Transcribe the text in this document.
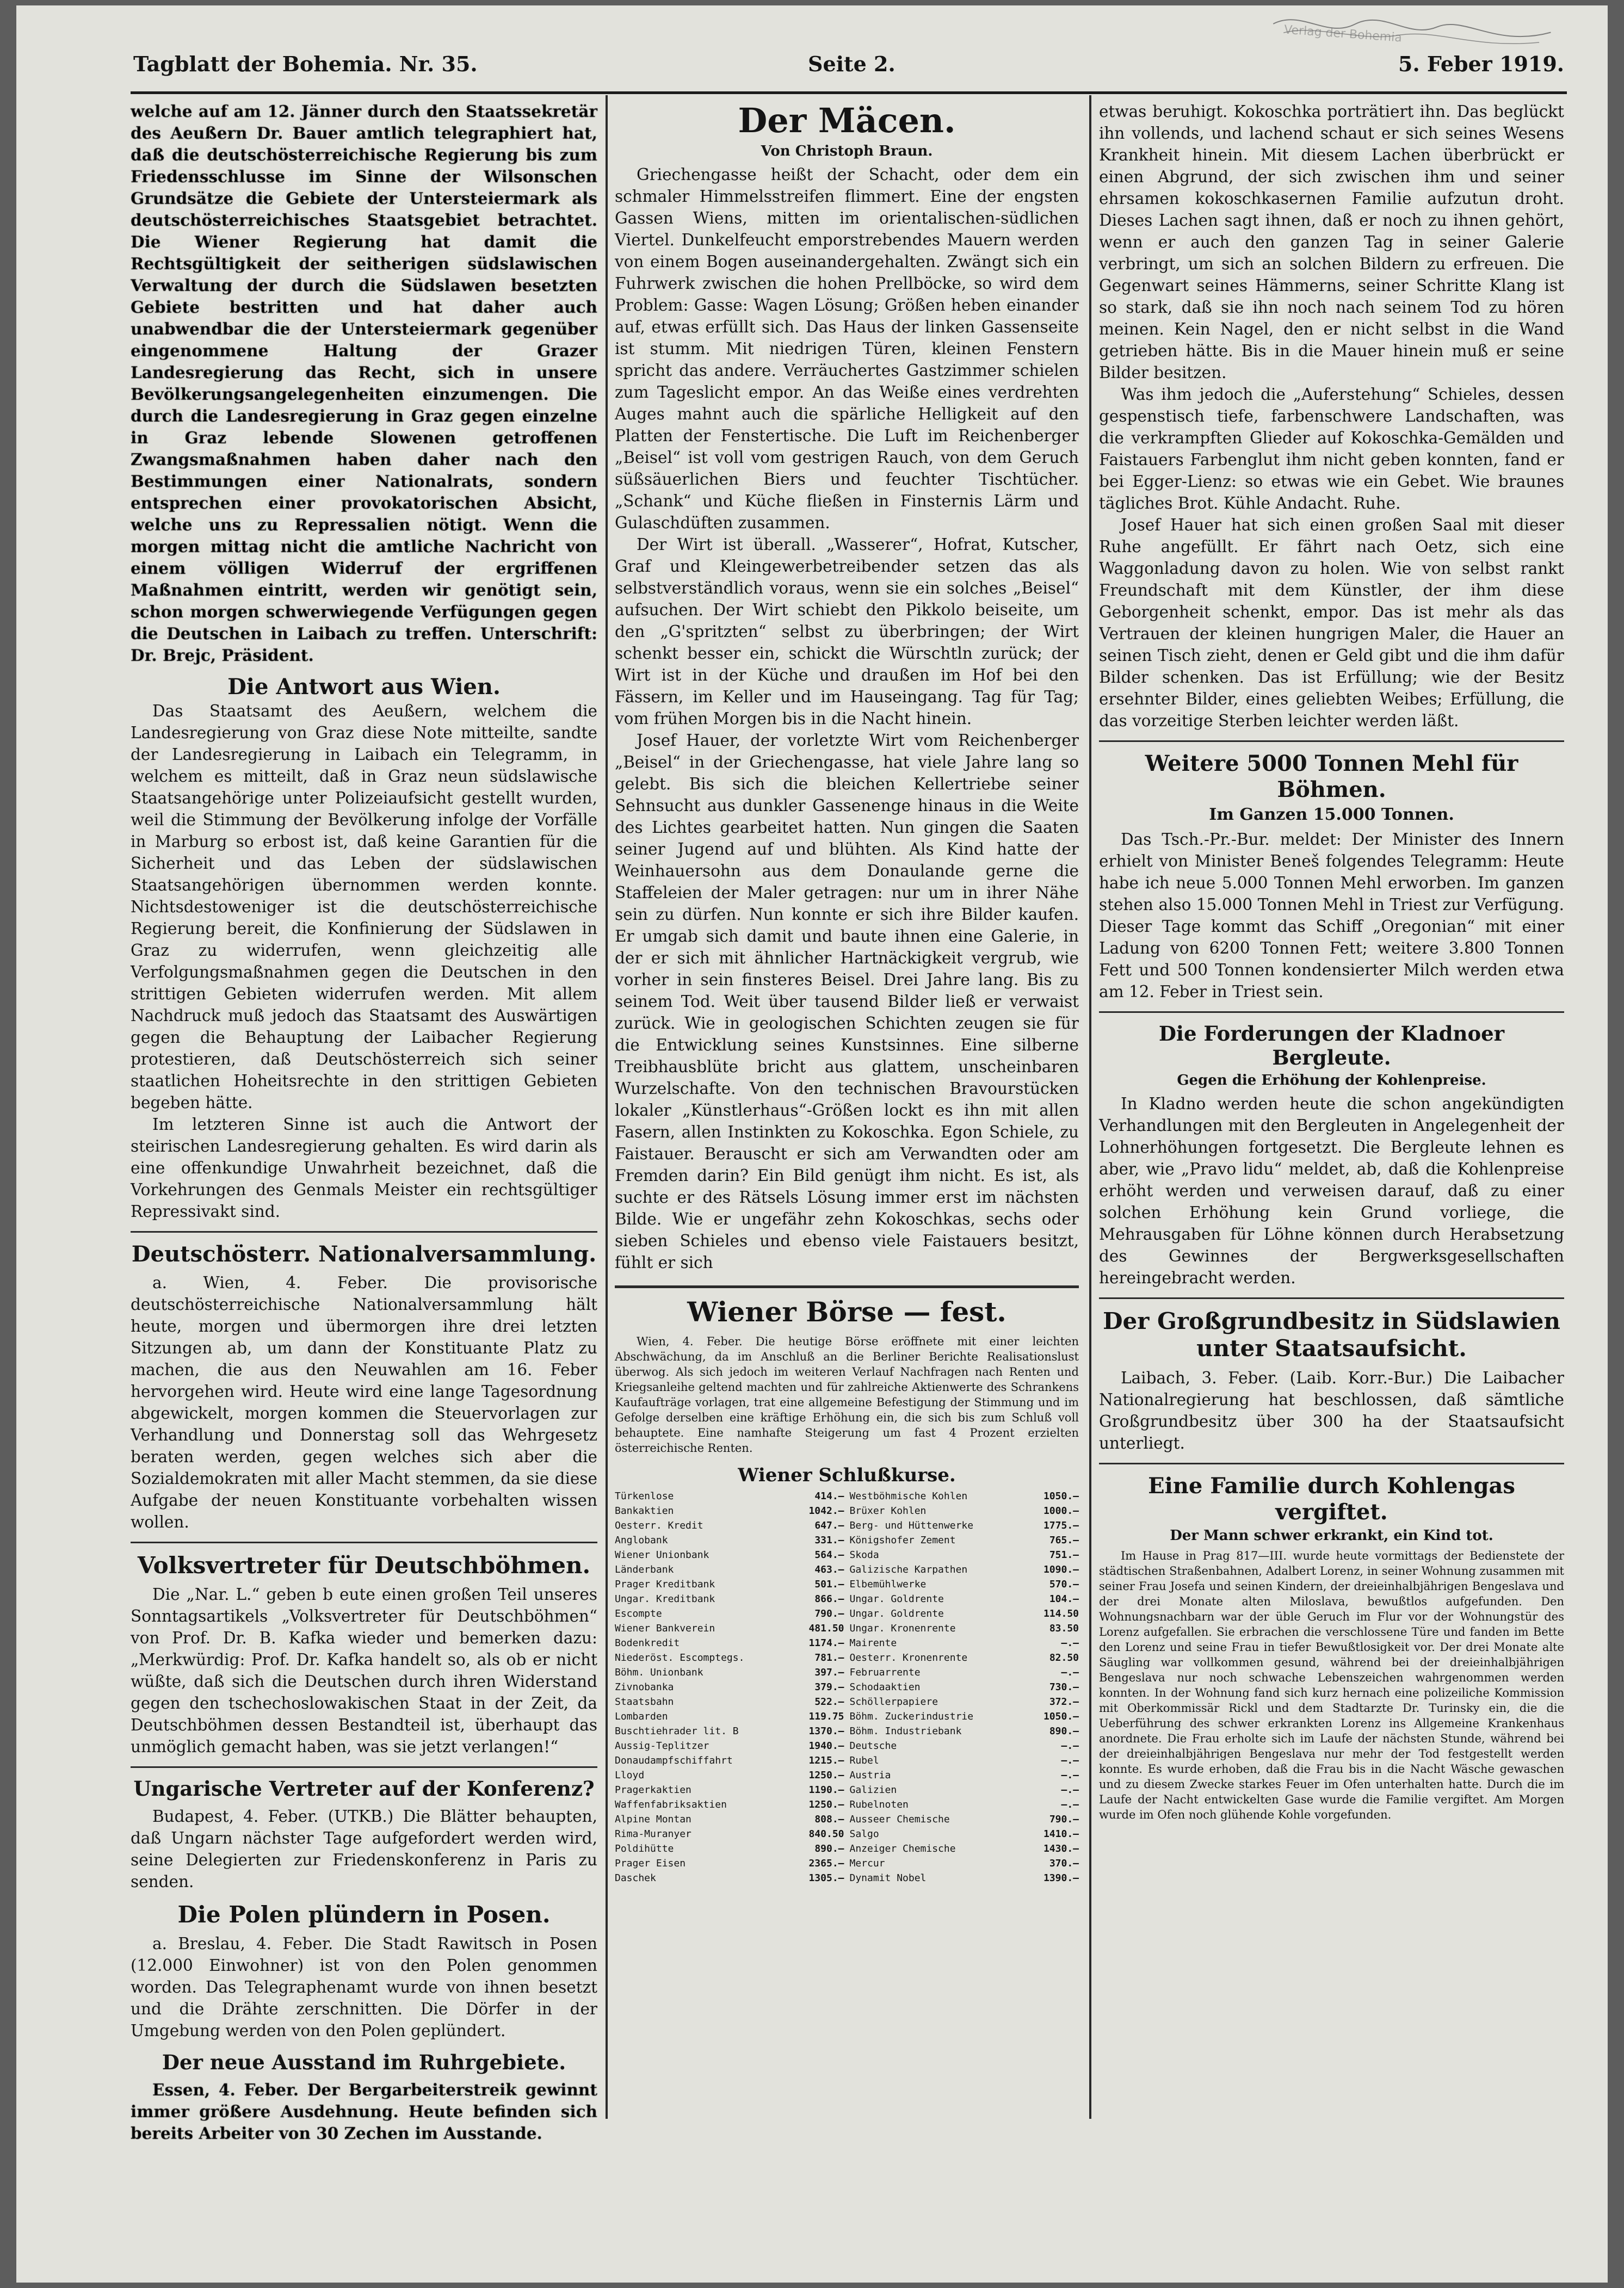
Tagblatt der Bohemia. Nr. 35.	Seite 2.	5. Feber 1919.

welche auf am 12. Jänner durch den Staatssekretär des Aeußern Dr. Bauer amtlich telegraphiert hat, daß die deutschösterreichische Regierung bis zum Friedensschlusse im Sinne der Wilsonschen Grundsätze die Gebiete der Untersteiermark als deutschösterreichisches Staatsgebiet betrachtet. Die Wiener Regierung hat damit die Rechtsgültigkeit der seitherigen südslawischen Verwaltung der durch die Südslawen besetzten Gebiete bestritten und hat daher auch unabwendbar die der Untersteiermark gegenüber eingenommene Haltung der Grazer Landesregierung das Recht, sich in unsere Bevölkerungsangelegenheiten einzumengen. Die durch die Landesregierung in Graz gegen einzelne in Graz lebende Slowenen getroffenen Zwangsmaßnahmen haben daher nach den Bestimmungen einer Nationalrats, sondern entsprechen einer provokatorischen Absicht, welche uns zu Repressalien nötigt. Wenn die morgen mittag nicht die amtliche Nachricht von einem völligen Widerruf der ergriffenen Maßnahmen eintritt, werden wir genötigt sein, schon morgen schwerwiegende Verfügungen gegen die Deutschen in Laibach zu treffen. Unterschrift: Dr. Brejc, Präsident.

Die Antwort aus Wien.

Das Staatsamt des Aeußern, welchem die Landesregierung von Graz diese Note mitteilte, sandte der Landesregierung in Laibach ein Telegramm, in welchem es mitteilt, daß in Graz neun südslawische Staatsangehörige unter Polizeiaufsicht gestellt wurden, weil die Stimmung der Bevölkerung infolge der Vorfälle in Marburg so erbost ist, daß keine Garantien für die Sicherheit und das Leben der südslawischen Staatsangehörigen übernommen werden konnte. Nichtsdestoweniger ist die deutschösterreichische Regierung bereit, die Konfinierung der Südslawen in Graz zu widerrufen, wenn gleichzeitig alle Verfolgungsmaßnahmen gegen die Deutschen in den strittigen Gebieten widerrufen werden. Mit allem Nachdruck muß jedoch das Staatsamt des Auswärtigen gegen die Behauptung der Laibacher Regierung protestieren, daß Deutschösterreich sich seiner staatlichen Hoheitsrechte in den strittigen Gebieten begeben hätte.

Im letzteren Sinne ist auch die Antwort der steirischen Landesregierung gehalten. Es wird darin als eine offenkundige Unwahrheit bezeichnet, daß die Vorkehrungen des Genmals Meister ein rechtsgültiger Repressivakt sind.

Deutschösterr. Nationalversammlung.

a. Wien, 4. Feber. Die provisorische deutschösterreichische Nationalversammlung hält heute, morgen und übermorgen ihre drei letzten Sitzungen ab, um dann der Konstituante Platz zu machen, die aus den Neuwahlen am 16. Feber hervorgehen wird. Heute wird eine lange Tagesordnung abgewickelt, morgen kommen die Steuervorlagen zur Verhandlung und Donnerstag soll das Wehrgesetz beraten werden, gegen welches sich aber die Sozialdemokraten mit aller Macht stemmen, da sie diese Aufgabe der neuen Konstituante vorbehalten wissen wollen.

Volksvertreter für Deutschböhmen.

Die „Nar. L.“ geben b eute einen großen Teil unseres Sonntagsartikels „Volksvertreter für Deutschböhmen“ von Prof. Dr. B. Kafka wieder und bemerken dazu: „Merkwürdig: Prof. Dr. Kafka handelt so, als ob er nicht wüßte, daß sich die Deutschen durch ihren Widerstand gegen den tschechoslowakischen Staat in der Zeit, da Deutschböhmen dessen Bestandteil ist, überhaupt das unmöglich gemacht haben, was sie jetzt verlangen!“

Ungarische Vertreter auf der Konferenz?

Budapest, 4. Feber. (UTKB.) Die Blätter behaupten, daß Ungarn nächster Tage aufgefordert werden wird, seine Delegierten zur Friedenskonferenz in Paris zu senden.

Die Polen plündern in Posen.

a. Breslau, 4. Feber. Die Stadt Rawitsch in Posen (12.000 Einwohner) ist von den Polen genommen worden. Das Telegraphenamt wurde von ihnen besetzt und die Drähte zerschnitten. Die Dörfer in der Umgebung werden von den Polen geplündert.

Der neue Ausstand im Ruhrgebiete.

Essen, 4. Feber. Der Bergarbeiterstreik gewinnt immer größere Ausdehnung. Heute befinden sich bereits Arbeiter von 30 Zechen im Ausstande.

Der Mäcen.

Von Christoph Braun.

Griechengasse heißt der Schacht, oder dem ein schmaler Himmelsstreifen flimmert. Eine der engsten Gassen Wiens, mitten im orientalischen-südlichen Viertel. Dunkelfeucht emporstrebendes Mauern werden von einem Bogen auseinandergehalten. Zwängt sich ein Fuhrwerk zwischen die hohen Prellböcke, so wird dem Problem: Gasse: Wagen Lösung; Größen heben einander auf, etwas erfüllt sich. Das Haus der linken Gassenseite ist stumm. Mit niedrigen Türen, kleinen Fenstern spricht das andere. Verräuchertes Gastzimmer schielen zum Tageslicht empor. An das Weiße eines verdrehten Auges mahnt auch die spärliche Helligkeit auf den Platten der Fenstertische. Die Luft im Reichenberger „Beisel“ ist voll vom gestrigen Rauch, von dem Geruch süßsäuerlichen Biers und feuchter Tischtücher. „Schank“ und Küche fließen in Finsternis Lärm und Gulaschdüften zusammen.

Der Wirt ist überall. „Wasserer“, Hofrat, Kutscher, Graf und Kleingewerbetreibender setzen das als selbstverständlich voraus, wenn sie ein solches „Beisel“ aufsuchen. Der Wirt schiebt den Pikkolo beiseite, um den „G'spritzten“ selbst zu überbringen; der Wirt schenkt besser ein, schickt die Würschtln zurück; der Wirt ist in der Küche und draußen im Hof bei den Fässern, im Keller und im Hauseingang. Tag für Tag; vom frühen Morgen bis in die Nacht hinein.

Josef Hauer, der vorletzte Wirt vom Reichenberger „Beisel“ in der Griechengasse, hat viele Jahre lang so gelebt. Bis sich die bleichen Kellertriebe seiner Sehnsucht aus dunkler Gassenenge hinaus in die Weite des Lichtes gearbeitet hatten. Nun gingen die Saaten seiner Jugend auf und blühten. Als Kind hatte der Weinhauersohn aus dem Donaulande gerne die Staffeleien der Maler getragen: nur um in ihrer Nähe sein zu dürfen. Nun konnte er sich ihre Bilder kaufen. Er umgab sich damit und baute ihnen eine Galerie, in der er sich mit ähnlicher Hartnäckigkeit vergrub, wie vorher in sein finsteres Beisel. Drei Jahre lang. Bis zu seinem Tod. Weit über tausend Bilder ließ er verwaist zurück. Wie in geologischen Schichten zeugen sie für die Entwicklung seines Kunstsinnes. Eine silberne Treibhausblüte bricht aus glattem, unscheinbaren Wurzelschafte. Von den technischen Bravourstücken lokaler „Künstlerhaus“-Größen lockt es ihn mit allen Fasern, allen Instinkten zu Kokoschka. Egon Schiele, zu Faistauer. Berauscht er sich am Verwandten oder am Fremden darin? Ein Bild genügt ihm nicht. Es ist, als suchte er des Rätsels Lösung immer erst im nächsten Bilde. Wie er ungefähr zehn Kokoschkas, sechs oder sieben Schieles und ebenso viele Faistauers besitzt, fühlt er sich

Wiener Börse — fest.

Wien, 4. Feber. Die heutige Börse eröffnete mit einer leichten Abschwächung, da im Anschluß an die Berliner Berichte Realisationslust überwog. Als sich jedoch im weiteren Verlauf Nachfragen nach Renten und Kriegsanleihe geltend machten und für zahlreiche Aktienwerte des Schrankens Kaufaufträge vorlagen, trat eine allgemeine Befestigung der Stimmung und im Gefolge derselben eine kräftige Erhöhung ein, die sich bis zum Schluß voll behauptete. Eine namhafte Steigerung um fast 4 Prozent erzielten österreichische Renten.

Wiener Schlußkurse.

Türkenlose	414.—
Bankaktien	1042.—
Oesterr. Kredit	647.—
Anglobank	331.—
Wiener Unionbank	564.—
Länderbank	463.—
Prager Kreditbank	501.—
Ungar. Kreditbank	866.—
Escompte	790.—
Wiener Bankverein	481.50
Bodenkredit	1174.—
Niederöst. Escomptegs.	781.—
Böhm. Unionbank	397.—
Zivnobanka	379.—
Staatsbahn	522.—
Lombarden	119.75
Buschtiehrader lit. B	1370.—
Aussig-Teplitzer	1940.—
Donaudampfschiffahrt	1215.—
Lloyd	1250.—
Pragerkaktien	1190.—
Waffenfabriksaktien	1250.—
Alpine Montan	808.—
Rima-Muranyer	840.50
Poldihütte	890.—
Prager Eisen	2365.—
Daschek	1305.—
Westböhmische Kohlen	1050.—
Brüxer Kohlen	1000.—
Berg- und Hüttenwerke	1775.—
Königshofer Zement	765.—
Skoda	751.—
Galizische Karpathen	1090.—
Elbemühlwerke	570.—
Ungar. Goldrente	104.—
Ungar. Goldrente	114.50
Ungar. Kronenrente	83.50
Mairente	—.—
Oesterr. Kronenrente	82.50
Februarrente	—.—
Schodaaktien	730.—
Schöllerpapiere	372.—
Böhm. Zuckerindustrie	1050.—
Böhm. Industriebank	890.—
Deutsche	—.—
Rubel	—.—
Austria	—.—
Galizien	—.—
Rubelnoten	—.—
Ausseer Chemische	790.—
Salgo	1410.—
Anzeiger Chemische	1430.—
Mercur	370.—
Dynamit Nobel	1390.—

etwas beruhigt. Kokoschka porträtiert ihn. Das beglückt ihn vollends, und lachend schaut er sich seines Wesens Krankheit hinein. Mit diesem Lachen überbrückt er einen Abgrund, der sich zwischen ihm und seiner ehrsamen kokoschkasernen Familie aufzutun droht. Dieses Lachen sagt ihnen, daß er noch zu ihnen gehört, wenn er auch den ganzen Tag in seiner Galerie verbringt, um sich an solchen Bildern zu erfreuen. Die Gegenwart seines Hämmerns, seiner Schritte Klang ist so stark, daß sie ihn noch nach seinem Tod zu hören meinen. Kein Nagel, den er nicht selbst in die Wand getrieben hätte. Bis in die Mauer hinein muß er seine Bilder besitzen.

Was ihm jedoch die „Auferstehung“ Schieles, dessen gespenstisch tiefe, farbenschwere Landschaften, was die verkrampften Glieder auf Kokoschka-Gemälden und Faistauers Farbenglut ihm nicht geben konnten, fand er bei Egger-Lienz: so etwas wie ein Gebet. Wie braunes tägliches Brot. Kühle Andacht. Ruhe.

Josef Hauer hat sich einen großen Saal mit dieser Ruhe angefüllt. Er fährt nach Oetz, sich eine Waggonladung davon zu holen. Wie von selbst rankt Freundschaft mit dem Künstler, der ihm diese Geborgenheit schenkt, empor. Das ist mehr als das Vertrauen der kleinen hungrigen Maler, die Hauer an seinen Tisch zieht, denen er Geld gibt und die ihm dafür Bilder schenken. Das ist Erfüllung; wie der Besitz ersehnter Bilder, eines geliebten Weibes; Erfüllung, die das vorzeitige Sterben leichter werden läßt.

Weitere 5000 Tonnen Mehl für Böhmen.

Im Ganzen 15.000 Tonnen.

Das Tsch.-Pr.-Bur. meldet: Der Minister des Innern erhielt von Minister Beneš folgendes Telegramm: Heute habe ich neue 5.000 Tonnen Mehl erworben. Im ganzen stehen also 15.000 Tonnen Mehl in Triest zur Verfügung. Dieser Tage kommt das Schiff „Oregonian“ mit einer Ladung von 6200 Tonnen Fett; weitere 3.800 Tonnen Fett und 500 Tonnen kondensierter Milch werden etwa am 12. Feber in Triest sein.

Die Forderungen der Kladnoer Bergleute.

Gegen die Erhöhung der Kohlenpreise.

In Kladno werden heute die schon angekündigten Verhandlungen mit den Bergleuten in Angelegenheit der Lohnerhöhungen fortgesetzt. Die Bergleute lehnen es aber, wie „Pravo lidu“ meldet, ab, daß die Kohlenpreise erhöht werden und verweisen darauf, daß zu einer solchen Erhöhung kein Grund vorliege, die Mehrausgaben für Löhne können durch Herabsetzung des Gewinnes der Bergwerksgesellschaften hereingebracht werden.

Der Großgrundbesitz in Südslawien unter Staatsaufsicht.

Laibach, 3. Feber. (Laib. Korr.-Bur.) Die Laibacher Nationalregierung hat beschlossen, daß sämtliche Großgrundbesitz über 300 ha der Staatsaufsicht unterliegt.

Eine Familie durch Kohlengas vergiftet.

Der Mann schwer erkrankt, ein Kind tot.

Im Hause in Prag 817—III. wurde heute vormittags der Bedienstete der städtischen Straßenbahnen, Adalbert Lorenz, in seiner Wohnung zusammen mit seiner Frau Josefa und seinen Kindern, der dreieinhalbjährigen Bengeslava und der drei Monate alten Miloslava, bewußtlos aufgefunden. Den Wohnungsnachbarn war der üble Geruch im Flur vor der Wohnungstür des Lorenz aufgefallen. Sie erbrachen die verschlossene Türe und fanden im Bette den Lorenz und seine Frau in tiefer Bewußtlosigkeit vor. Der drei Monate alte Säugling war vollkommen gesund, während bei der dreieinhalbjährigen Bengeslava nur noch schwache Lebenszeichen wahrgenommen werden konnten. In der Wohnung fand sich kurz hernach eine polizeiliche Kommission mit Oberkommissär Rickl und dem Stadtarzte Dr. Turinsky ein, die die Ueberführung des schwer erkrankten Lorenz ins Allgemeine Krankenhaus anordnete. Die Frau erholte sich im Laufe der nächsten Stunde, während bei der dreieinhalbjährigen Bengeslava nur mehr der Tod festgestellt werden konnte. Es wurde erhoben, daß die Frau bis in die Nacht Wäsche gewaschen und zu diesem Zwecke starkes Feuer im Ofen unterhalten hatte. Durch die im Laufe der Nacht entwickelten Gase wurde die Familie vergiftet. Am Morgen wurde im Ofen noch glühende Kohle vorgefunden.

Verlag der Bohemia
